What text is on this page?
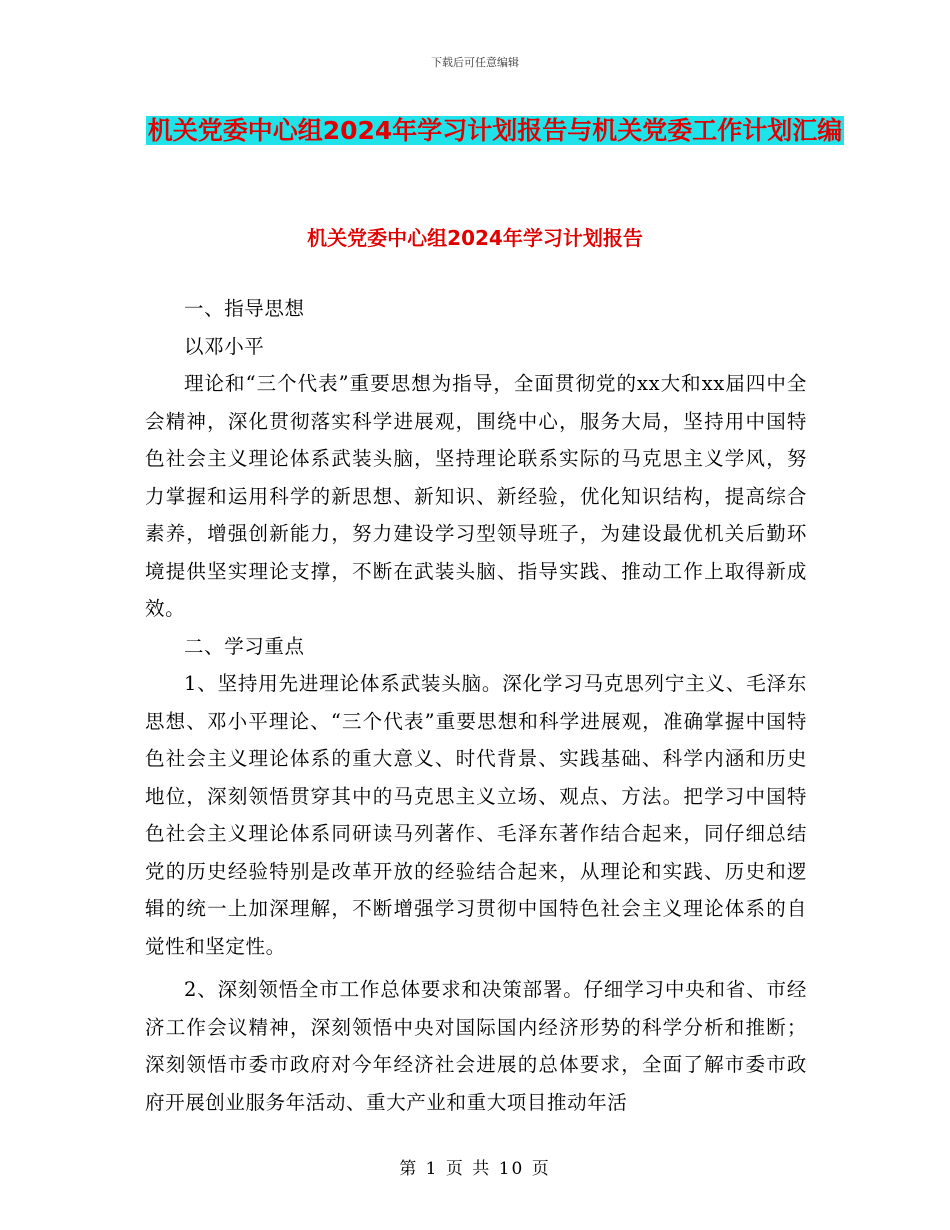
下载后可任意编辑
机关党委中心组2024年学习计划报告与机关党委工作计划汇编
机关党委中心组2024年学习计划报告

一、指导思想

以邓小平

理论和“三个代表”重要思想为指导，全面贯彻党的xx大和xx届四中全会精神，深化贯彻落实科学进展观，围绕中心，服务大局，坚持用中国特色社会主义理论体系武装头脑，坚持理论联系实际的马克思主义学风，努力掌握和运用科学的新思想、新知识、新经验，优化知识结构，提高综合素养，增强创新能力，努力建设学习型领导班子，为建设最优机关后勤环境提供坚实理论支撑，不断在武装头脑、指导实践、推动工作上取得新成效。

二、学习重点

1、坚持用先进理论体系武装头脑。深化学习马克思列宁主义、毛泽东思想、邓小平理论、“三个代表”重要思想和科学进展观，准确掌握中国特色社会主义理论体系的重大意义、时代背景、实践基础、科学内涵和历史地位，深刻领悟贯穿其中的马克思主义立场、观点、方法。把学习中国特色社会主义理论体系同研读马列著作、毛泽东著作结合起来，同仔细总结党的历史经验特别是改革开放的经验结合起来，从理论和实践、历史和逻辑的统一上加深理解，不断增强学习贯彻中国特色社会主义理论体系的自觉性和坚定性。

2、深刻领悟全市工作总体要求和决策部署。仔细学习中央和省、市经济工作会议精神，深刻领悟中央对国际国内经济形势的科学分析和推断；深刻领悟市委市政府对今年经济社会进展的总体要求，全面了解市委市政府开展创业服务年活动、重大产业和重大项目推动年活

第 1 页 共 10 页
